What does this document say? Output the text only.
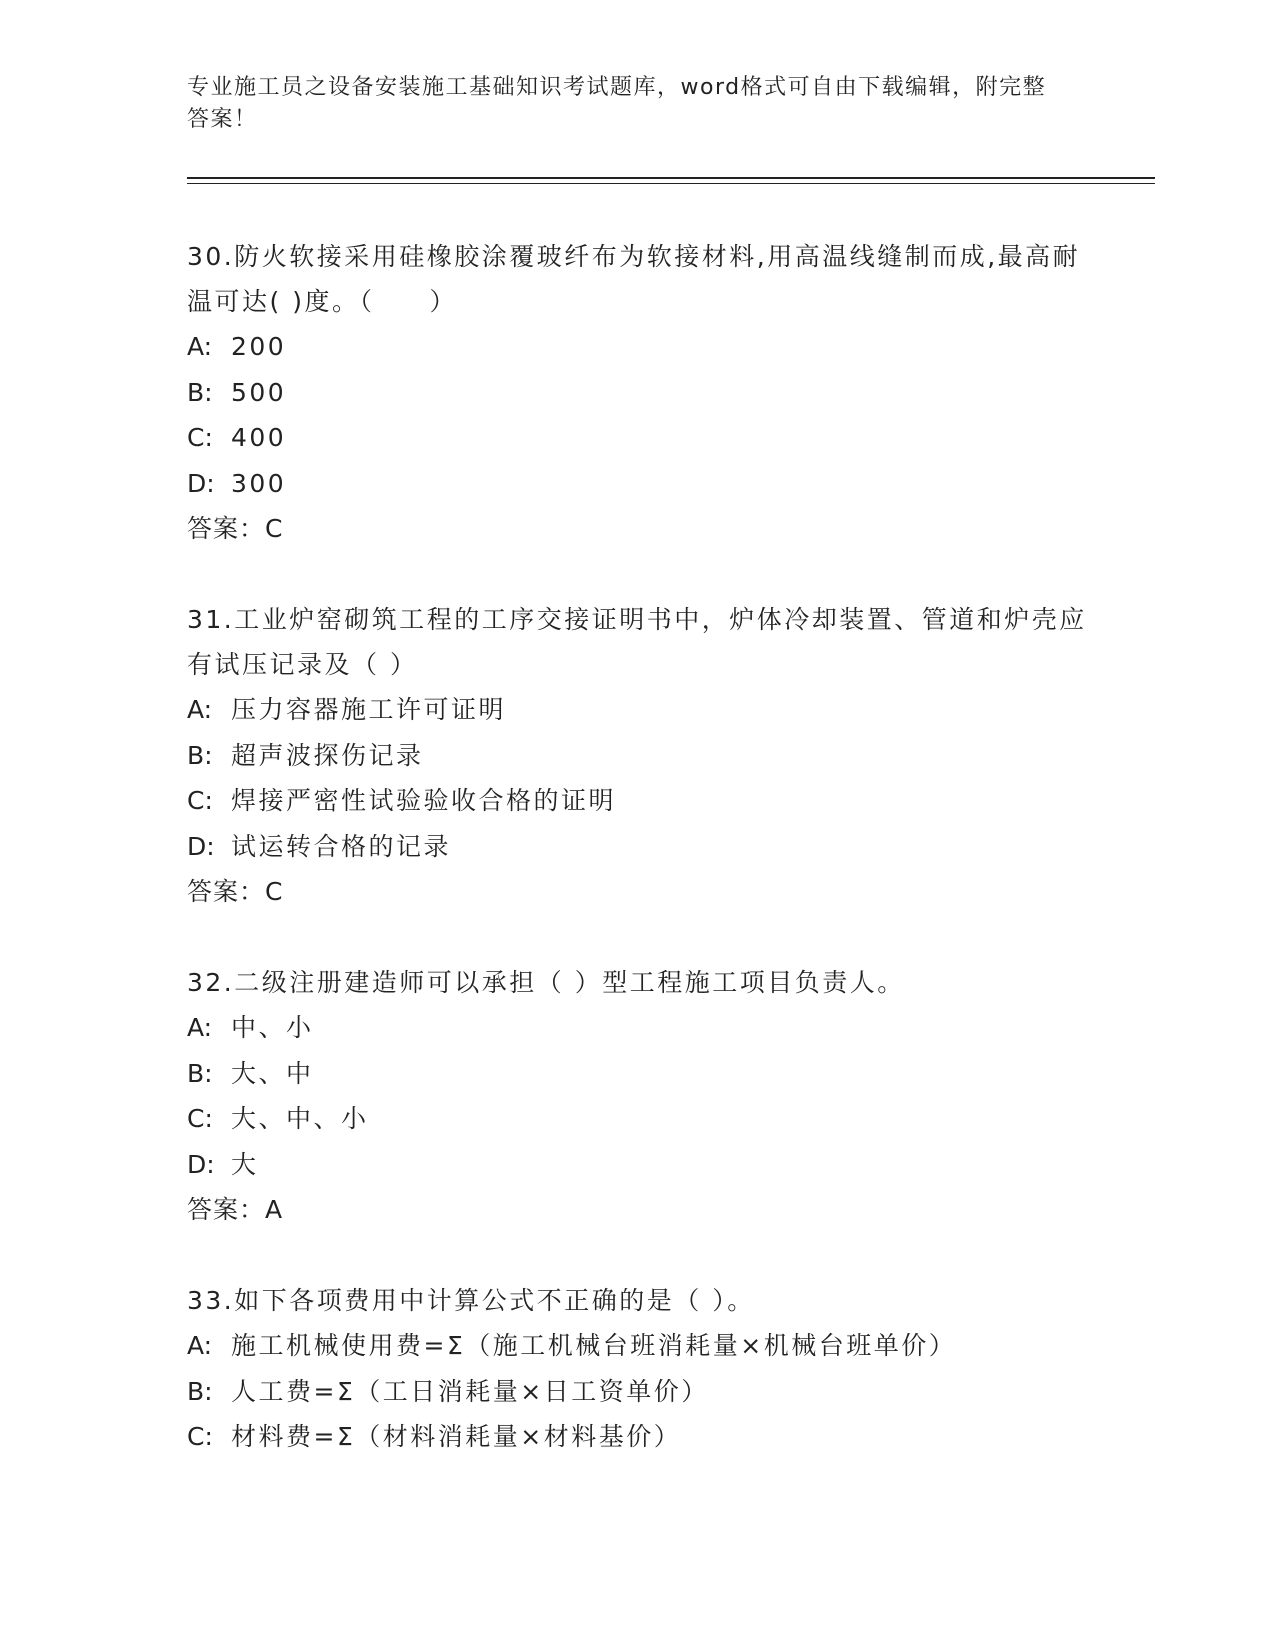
专业施工员之设备安装施工基础知识考试题库，word格式可自由下载编辑，附完整答案！

30.防火软接采用硅橡胶涂覆玻纤布为软接材料,用高温线缝制而成,最高耐温可达( )度。（　　）

A: 200
B: 500
C: 400
D: 300
答案：C

31.工业炉窑砌筑工程的工序交接证明书中，炉体冷却装置、管道和炉壳应有试压记录及（ ）

A: 压力容器施工许可证明
B: 超声波探伤记录
C: 焊接严密性试验验收合格的证明
D: 试运转合格的记录
答案：C

32.二级注册建造师可以承担（ ）型工程施工项目负责人。

A: 中、小
B: 大、中
C: 大、中、小
D: 大
答案：A

33.如下各项费用中计算公式不正确的是（ ）。

A: 施工机械使用费=Σ（施工机械台班消耗量×机械台班单价）
B: 人工费=Σ（工日消耗量×日工资单价）
C: 材料费=Σ（材料消耗量×材料基价）
